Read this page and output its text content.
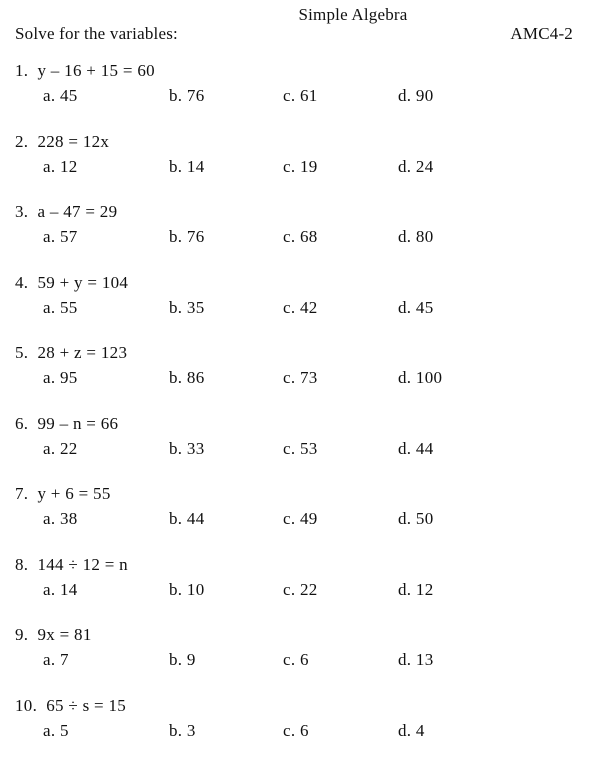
Simple Algebra
Solve for the variables:	AMC4-2
1.  y – 16 + 15 = 60
a. 45	b. 76	c. 61	d. 90
2.  228 = 12x
a. 12	b. 14	c. 19	d. 24
3.  a – 47 = 29
a. 57	b. 76	c. 68	d. 80
4.  59 + y = 104
a. 55	b. 35	c. 42	d. 45
5.  28 + z = 123
a. 95	b. 86	c. 73	d. 100
6.  99 – n = 66
a. 22	b. 33	c. 53	d. 44
7.  y + 6 = 55
a. 38	b. 44	c. 49	d. 50
8.  144 ÷ 12 = n
a. 14	b. 10	c. 22	d. 12
9.  9x = 81
a. 7	b. 9	c. 6	d. 13
10.  65 ÷ s = 15
a. 5	b. 3	c. 6	d. 4
